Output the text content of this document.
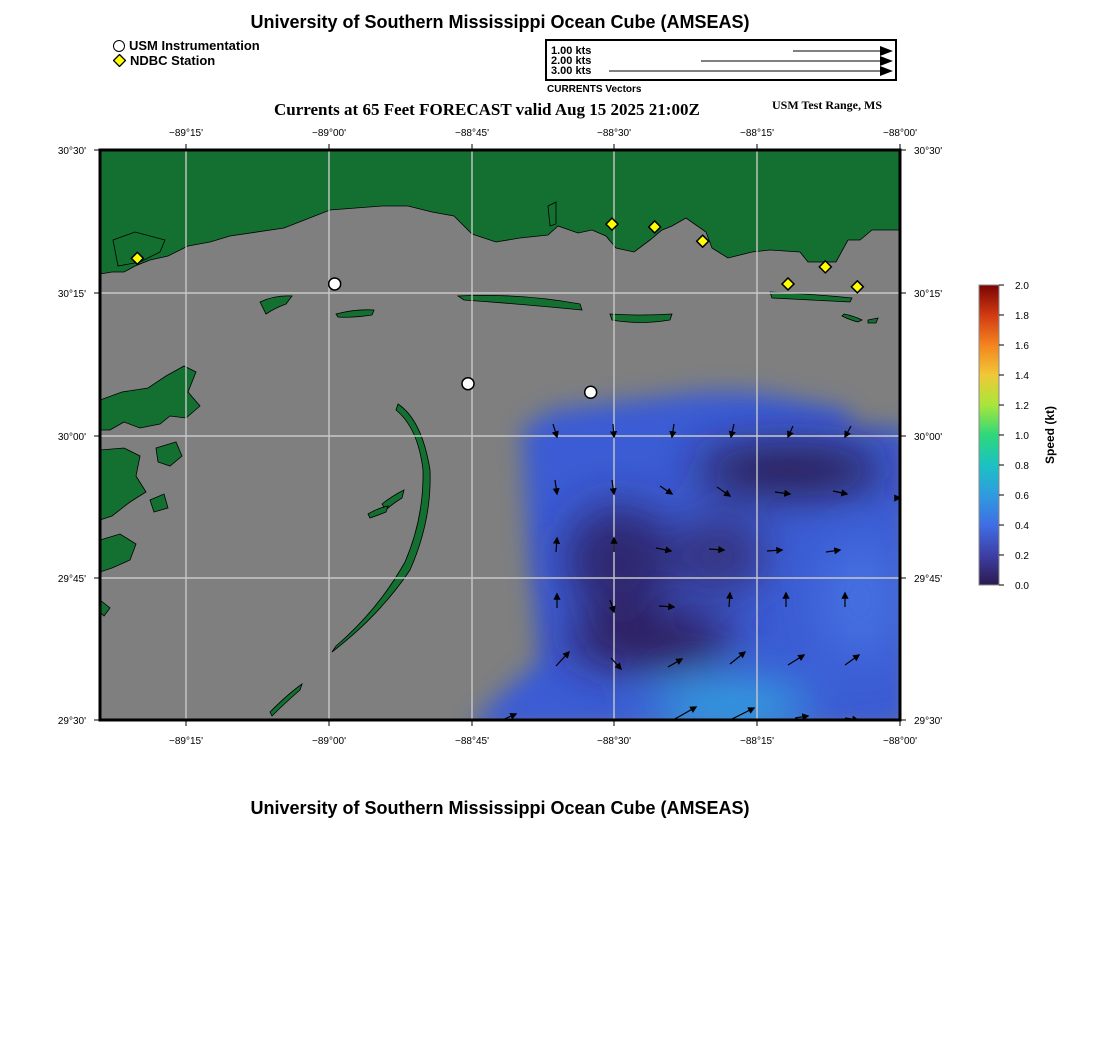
University of Southern Mississippi Ocean Cube (AMSEAS)
USM Instrumentation
NDBC Station
1.00 kts
2.00 kts
3.00 kts
CURRENTS Vectors
Currents at 65 Feet FORECAST valid Aug 15 2025 21:00Z	USM Test Range, MS
−89°15'	−89°00'	−88°45'	−88°30'	−88°15'	−88°00'
−89°15'	−89°00'	−88°45'	−88°30'	−88°15'	−88°00'
30°30'
30°15'
30°00'
29°45'
29°30'
30°30'
30°15'
30°00'
29°45'
29°30'
2.0
1.8
1.6
1.4
1.2
1.0
0.8
0.6
0.4
0.2
0.0
Speed (kt)
University of Southern Mississippi Ocean Cube (AMSEAS)
